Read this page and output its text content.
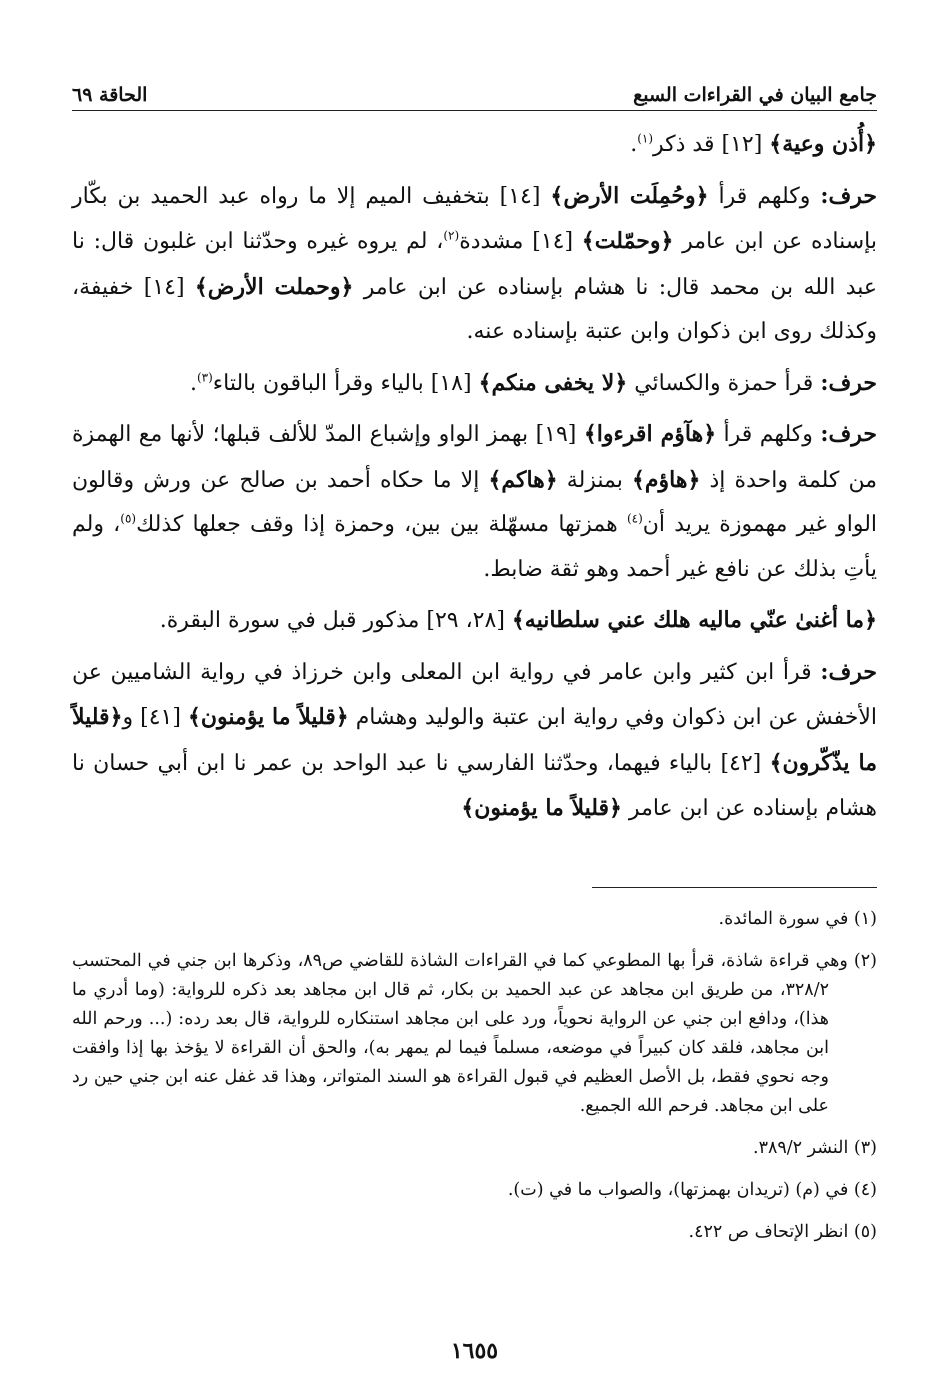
جامع البيان في القراءات السبع
الحاقة ٦٩

﴿أُذن وعية﴾ [١٢] قد ذكر$^{(١)}$.

حرف: وكلهم قرأ ﴿وحُمِلَت الأرض﴾ [١٤] بتخفيف الميم إلا ما رواه عبد الحميد بن بكّار بإسناده عن ابن عامر ﴿وحمّلت﴾ [١٤] مشددة$^{(٢)}$، لم يروه غيره وحدّثنا ابن غلبون قال: نا عبد الله بن محمد قال: نا هشام بإسناده عن ابن عامر ﴿وحملت الأرض﴾ [١٤] خفيفة، وكذلك روى ابن ذكوان وابن عتبة بإسناده عنه.

حرف: قرأ حمزة والكسائي ﴿لا يخفى منكم﴾ [١٨] بالياء وقرأ الباقون بالتاء$^{(٣)}$.

حرف: وكلهم قرأ ﴿هآؤم اقرءوا﴾ [١٩] بهمز الواو وإشباع المدّ للألف قبلها؛ لأنها مع الهمزة من كلمة واحدة إذ ﴿هاؤم﴾ بمنزلة ﴿هاكم﴾ إلا ما حكاه أحمد بن صالح عن ورش وقالون الواو غير مهموزة يريد أن$^{(٤)}$ همزتها مسهّلة بين بين، وحمزة إذا وقف جعلها كذلك$^{(٥)}$، ولم يأتِ بذلك عن نافع غير أحمد وهو ثقة ضابط.

﴿ما أغنىٰ عنّي ماليه هلك عني سلطانيه﴾ [٢٨، ٢٩] مذكور قبل في سورة البقرة.

حرف: قرأ ابن كثير وابن عامر في رواية ابن المعلى وابن خرزاذ في رواية الشاميين عن الأخفش عن ابن ذكوان وفي رواية ابن عتبة والوليد وهشام ﴿قليلاً ما يؤمنون﴾ [٤١] و﴿قليلاً ما يذّكّرون﴾ [٤٢] بالياء فيهما، وحدّثنا الفارسي نا عبد الواحد بن عمر نا ابن أبي حسان نا هشام بإسناده عن ابن عامر ﴿قليلاً ما يؤمنون﴾

(١) في سورة المائدة.

(٢) وهي قراءة شاذة، قرأ بها المطوعي كما في القراءات الشاذة للقاضي ص٨٩، وذكرها ابن جني في المحتسب ٣٢٨/٢، من طريق ابن مجاهد عن عبد الحميد بن بكار، ثم قال ابن مجاهد بعد ذكره للرواية: (وما أدري ما هذا)، ودافع ابن جني عن الرواية نحوياً، ورد على ابن مجاهد استنكاره للرواية، قال بعد رده: (... ورحم الله ابن مجاهد، فلقد كان كبيراً في موضعه، مسلماً فيما لم يمهر به)، والحق أن القراءة لا يؤخذ بها إذا وافقت وجه نحوي فقط، بل الأصل العظيم في قبول القراءة هو السند المتواتر، وهذا قد غفل عنه ابن جني حين رد على ابن مجاهد. فرحم الله الجميع.

(٣) النشر ٣٨٩/٢.

(٤) في (م) (تريدان بهمزتها)، والصواب ما في (ت).

(٥) انظر الإتحاف ص ٤٢٢.

١٦٥٥
